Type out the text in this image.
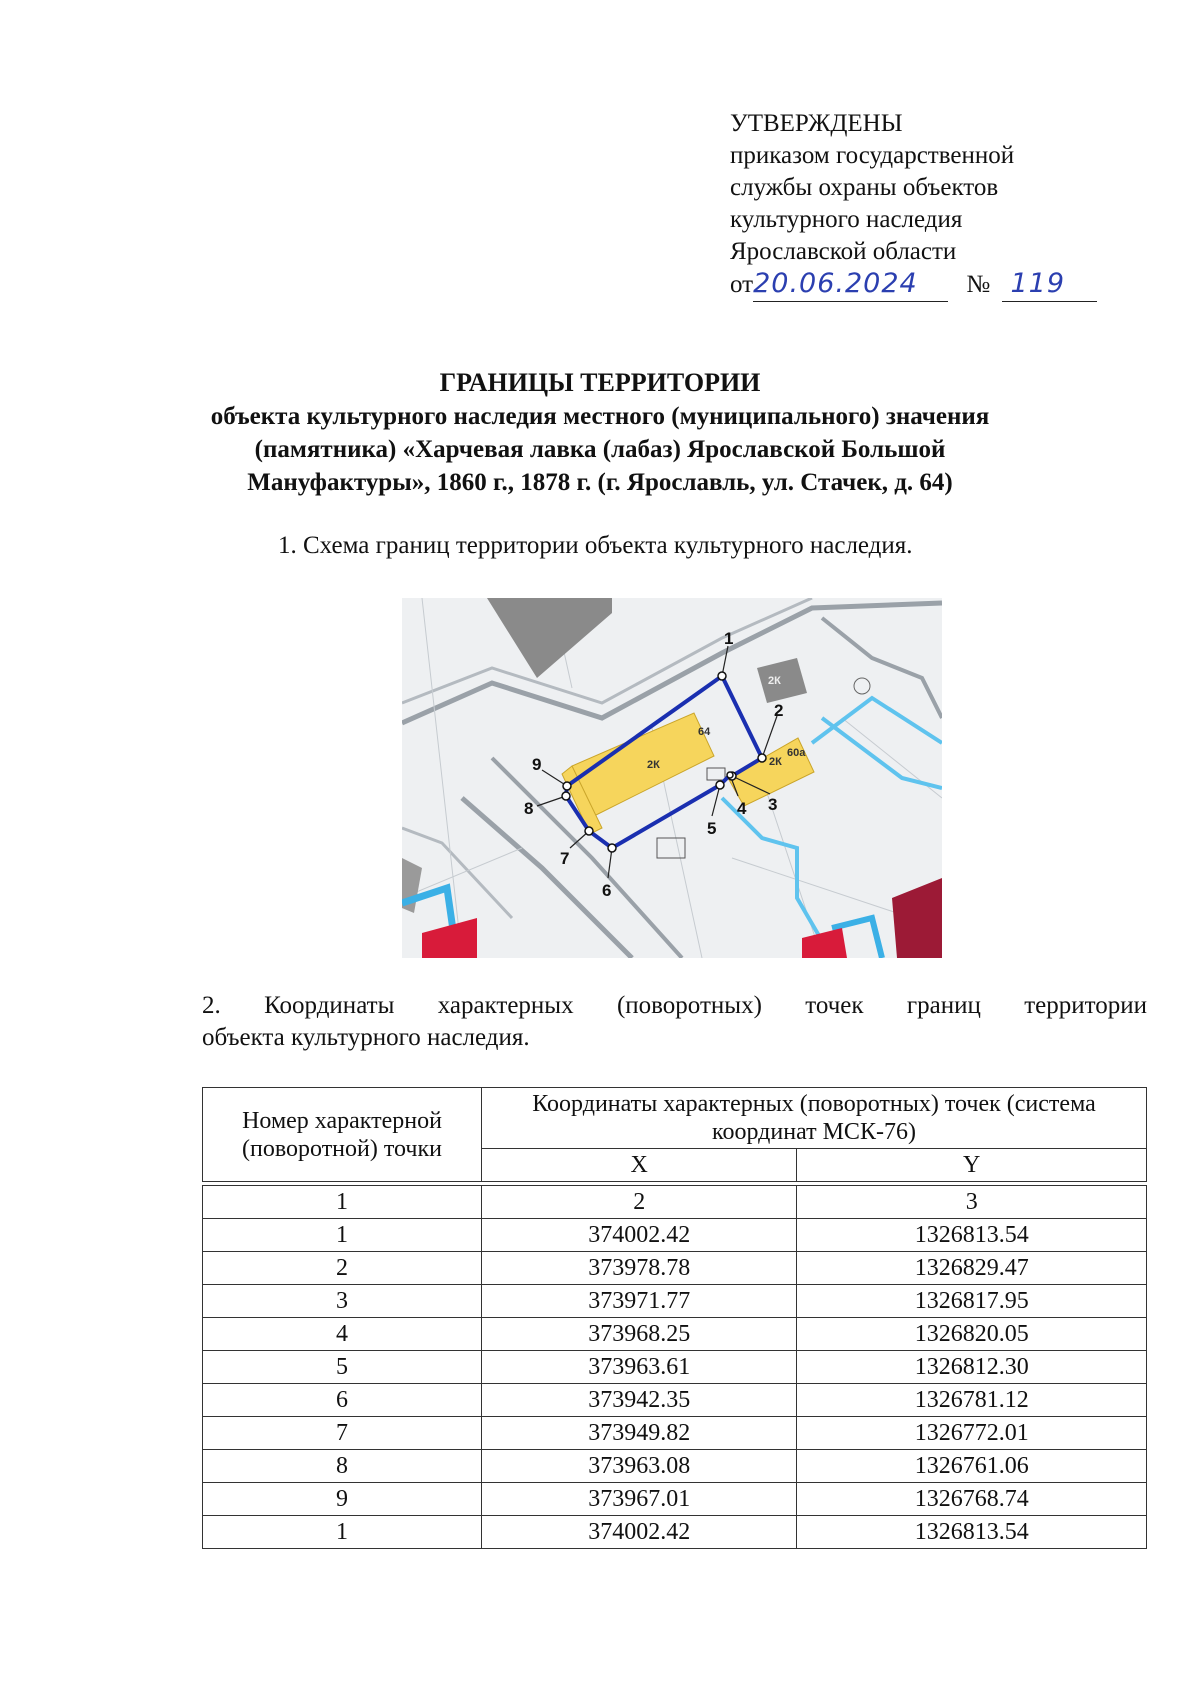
УТВЕРЖДЕНЫ
приказом государственной
службы охраны объектов
культурного наследия
Ярославской области
от20.06.2024 № 119
ГРАНИЦЫ ТЕРРИТОРИИ
объекта культурного наследия местного (муниципального) значения
(памятника) «Харчевая лавка (лабаз) Ярославской Большой
Мануфактуры», 1860 г., 1878 г. (г. Ярославль, ул. Стачек, д. 64)
1. Схема границ территории объекта культурного наследия.
2К
64
2К
2К
60а
1
2
3
4
5
6
7
8
9
2. Координаты характерных (поворотных) точек границ территории
объекта культурного наследия.
Номер характерной (поворотной) точки	Координаты характерных (поворотных) точек (система координат МСК-76)	
	X	Y

1	2	3
1	374002.42	1326813.54
2	373978.78	1326829.47
3	373971.77	1326817.95
4	373968.25	1326820.05
5	373963.61	1326812.30
6	373942.35	1326781.12
7	373949.82	1326772.01
8	373963.08	1326761.06
9	373967.01	1326768.74
1	374002.42	1326813.54
